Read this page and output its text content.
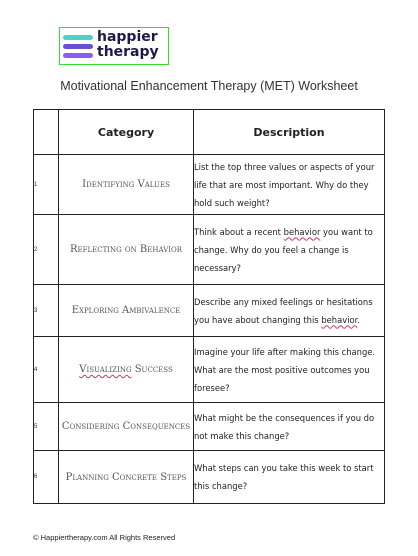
happier
therapy
Motivational Enhancement Therapy (MET) Worksheet
	Category	Description
1	Identifying Values	List the top three values or aspects of your life that are most important. Why do they hold such weight?
2	Reflecting on Behavior	Think about a recent behavior you want to change. Why do you feel a change is necessary?
3	Exploring Ambivalence	Describe any mixed feelings or hesitations you have about changing this behavior.
4	Visualizing Success	Imagine your life after making this change. What are the most positive outcomes you foresee?
5	Considering Consequences	What might be the consequences if you do not make this change?
6	Planning Concrete Steps	What steps can you take this week to start this change?
© Happiertherapy.com All Rights Reserved
